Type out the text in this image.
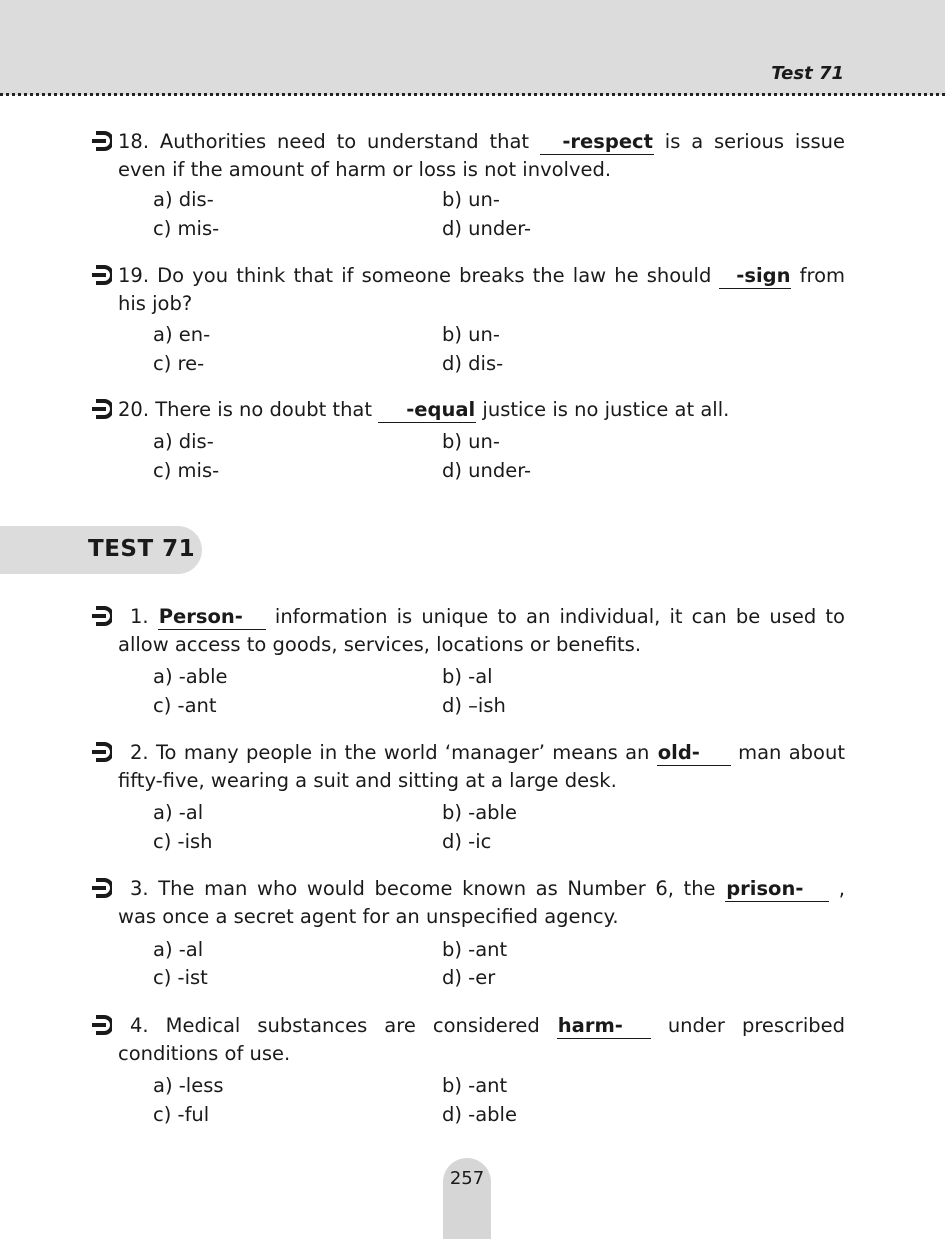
Test 71
18. Authorities need to understand that -respect is a serious issue even if the amount of harm or loss is not involved.
a) dis-	b) un-
c) mis-	d) under-
19. Do you think that if someone breaks the law he should -sign from his job?
a) en-	b) un-
c) re-	d) dis-
20. There is no doubt that -equal justice is no justice at all.
a) dis-	b) un-
c) mis-	d) under-
TEST 71
1. Person- information is unique to an individual, it can be used to allow access to goods, services, locations or benefits.
a) -able	b) -al
c) -ant	d) –ish
2. To many people in the world ‘manager’ means an old- man about fifty-five, wearing a suit and sitting at a large desk.
a) -al	b) -able
c) -ish	d) -ic
3. The man who would become known as Number 6, the prison- , was once a secret agent for an unspecified agency.
a) -al	b) -ant
c) -ist	d) -er
4. Medical substances are considered harm- under prescribed conditions of use.
a) -less	b) -ant
c) -ful	d) -able
257
